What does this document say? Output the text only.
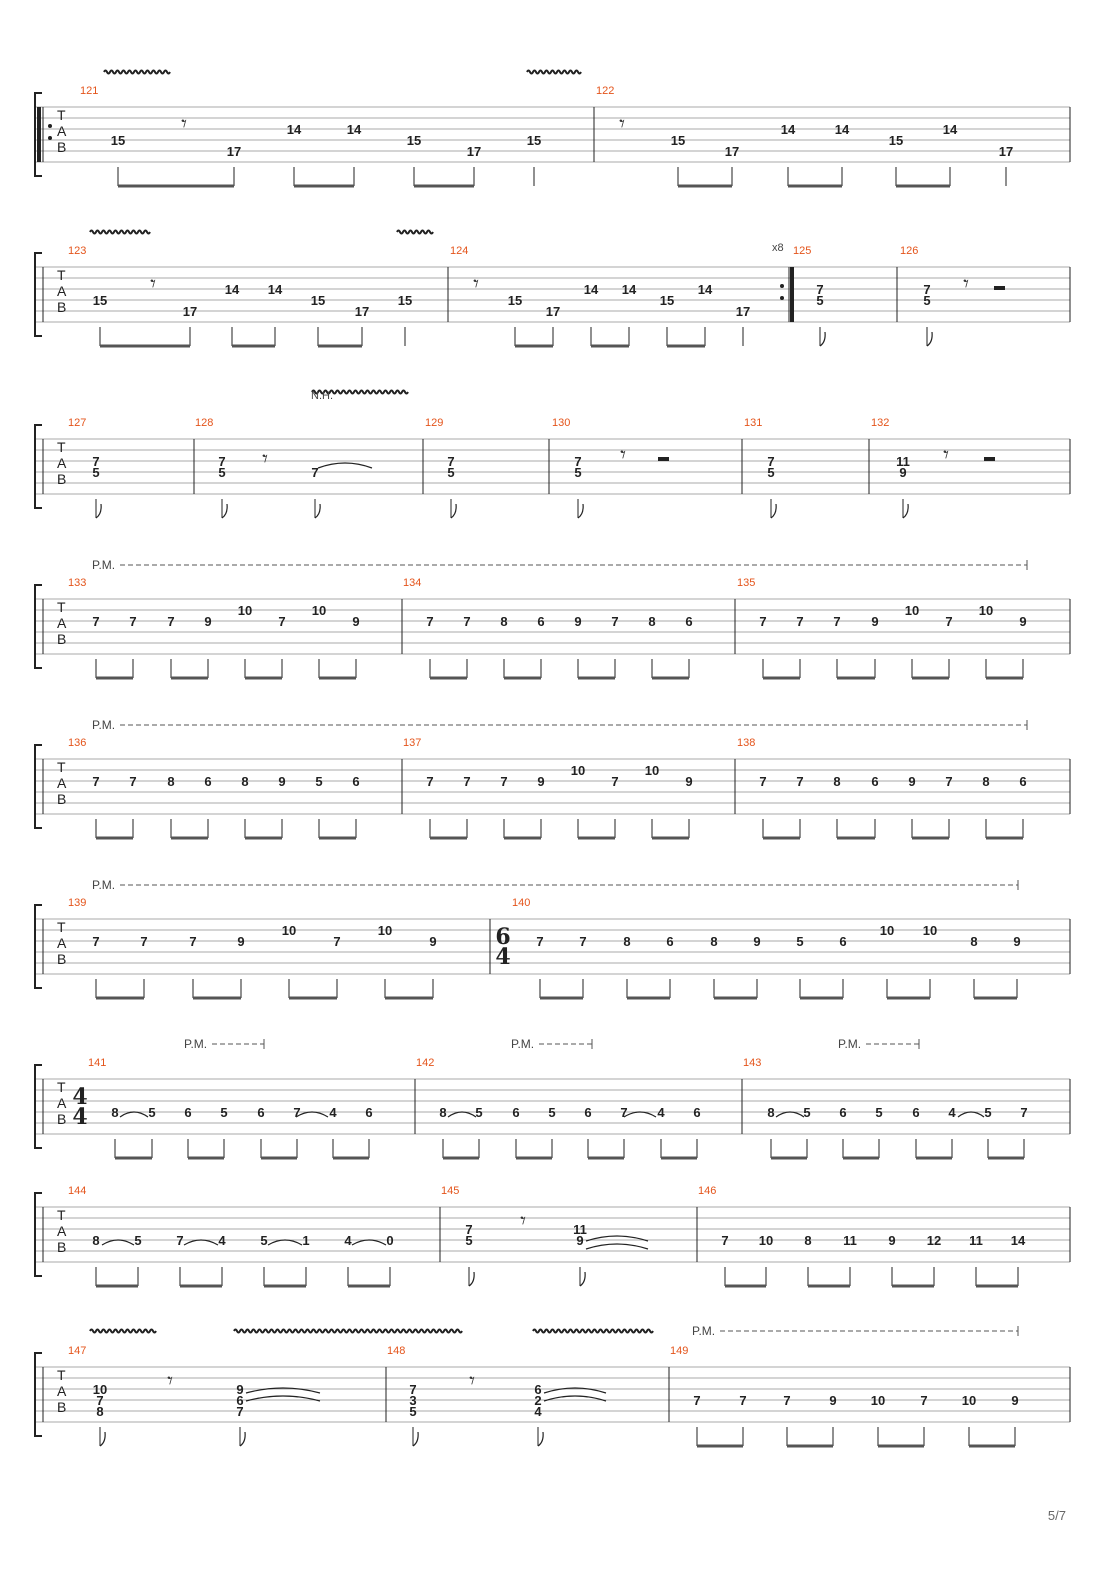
T
A
B
121
15
17
14	14
15
17
15
122
15
17
14	14
15
14
17
T
A
B
123
15
17
14 14
15
17
15
124
15
17
14 14
15
14
17
125
7
5
126
7
5
T
A
B
127
7
5
128
7
5	7
129
7
5
130
7
5
131
7
5
132
11
9
T
A
B
133
7 7 7 9
10
7
10
9
134
7 7 8 6 9 7 8 6
135
7 7 7 9
10
7
10
9
T
A
B
136
7 7 8 6 8 9 5 6
137
7 7 7 9
10
7
10
9
138
7 7 8 6 9 7 8 6
T
A
B
139
7	7	7	9
10
7
10
9
140
7	7	8	6	8	9	5	6
10 10
8	9
T
A
B
141
8 5 6 5 6 7 4 6
142
8 5 6 5 6 7 4 6
143
8 5 6 5 6 4 5 7
T
A
B
144
8	5	7	4	5	1	4	0
145
7
5
11
9
146
7 10 8 11 9 12 11 14
T
A
B
147
10
7
8
9
6
7
148
7
3
5
6
2
4
149
7	7	7	9	10	7	10	9
x8
𝄾	𝄾
𝄾	𝄾	𝄾
𝄾	𝄾	𝄾
𝄾
𝄾	𝄾
N.H.
P.M.
P.M.
P.M.
P.M.	P.M.	P.M.
P.M.
6
4
4
4
5/7
